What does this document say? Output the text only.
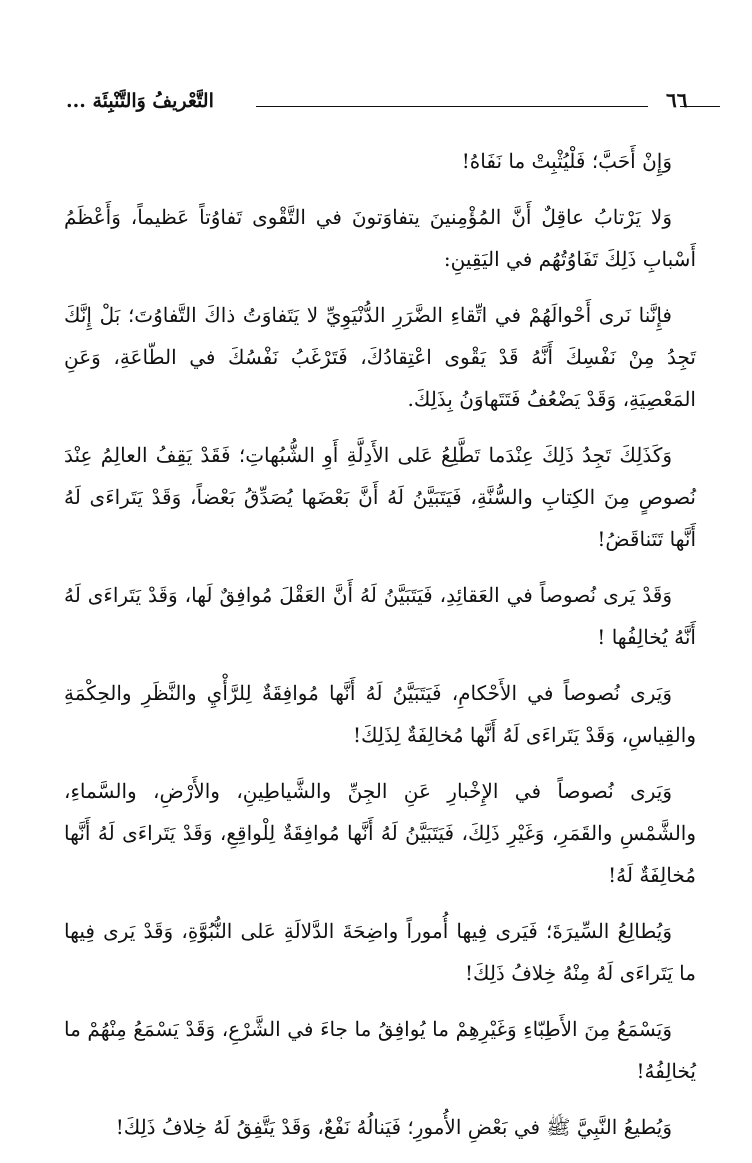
التَّعْريفُ وَالتَّنْبِئَة ...	٦٦

وَإِنْ أَحَبَّ؛ فَلْيُثْبِتْ ما نَفَاهُ!

وَلا يَرْتابُ عاقِلٌ أَنَّ المُؤْمِنينَ يتفاوَتونَ في التَّقْوى تَفاوُتاً عَظيماً، وَأَعْظَمُ أَسْبابِ ذَلِكَ تَفَاوُتُهُم في اليَقِينِ:

فإِنَّنا نَرى أَحْوالَهُمْ في اتِّقاءِ الضَّرَرِ الدُّنْيَوِيِّ لا يَتَفاوَتُ ذاكَ التَّفاوُتَ؛ بَلْ إِنَّكَ تَجِدُ مِنْ نَفْسِكَ أَنَّهُ قَدْ يَقْوى اعْتِقادُكَ، فَتَرْغَبُ نَفْسُكَ في الطّاعَةِ، وَعَنِ المَعْصِيَةِ، وَقَدْ يَضْعُفُ فَتَتَهاوَنُ بِذَلِكَ.

وَكَذَلِكَ تَجِدُ ذَلِكَ عِنْدَما تَطَّلِعُ عَلى الأَدِلَّةِ أَوِ الشُّبُهاتِ؛ فَقَدْ يَقِفُ العالِمُ عِنْدَ نُصوصٍ مِنَ الكِتابِ والسُّنَّةِ، فَيَتَبَيَّنُ لَهُ أَنَّ بَعْضَها يُصَدِّقُ بَعْضاً، وَقَدْ يَتَراءَى لَهُ أَنَّها تَتَناقَضُ!

وَقَدْ يَرى نُصوصاً في العَقائِدِ، فَيَتَبَيَّنُ لَهُ أَنَّ العَقْلَ مُوافِقٌ لَها، وَقَدْ يَتَراءَى لَهُ أَنَّهُ يُخالِفُها !

وَيَرى نُصوصاً في الأَحْكامِ، فَيَتَبَيَّنُ لَهُ أَنَّها مُوافِقَةٌ لِلرَّأْيِ والنَّظَرِ والحِكْمَةِ والقِياسِ، وَقَدْ يَتَراءَى لَهُ أَنَّها مُخالِفَةٌ لِذَلِكَ!

وَيَرى نُصوصاً في الإِخْبارِ عَنِ الجِنِّ والشَّياطِينِ، والأَرْضِ، والسَّماءِ، والشَّمْسِ والقَمَرِ، وَغَيْرِ ذَلِكَ، فَيَتَبَيَّنُ لَهُ أَنَّها مُوافِقَةٌ لِلْواقِعِ، وَقَدْ يَتَراءَى لَهُ أَنَّها مُخالِفَةٌ لَهُ!

وَيُطالِعُ السِّيرَةَ؛ فَيَرى فِيها أُموراً واضِحَةَ الدَّلالَةِ عَلى النُّبُوَّةِ، وَقَدْ يَرى فِيها ما يَتَراءَى لَهُ مِنْهُ خِلافُ ذَلِكَ!

وَيَسْمَعُ مِنَ الأَطِبّاءِ وَغَيْرِهِمْ ما يُوافِقُ ما جاءَ في الشَّرْعِ، وَقَدْ يَسْمَعُ مِنْهُمْ ما يُخالِفُهُ!

وَيُطيعُ النَّبِيَّ ﷺ في بَعْضِ الأُمورِ؛ فَيَنالُهُ نَفْعٌ، وَقَدْ يَتَّفِقُ لَهُ خِلافُ ذَلِكَ!
